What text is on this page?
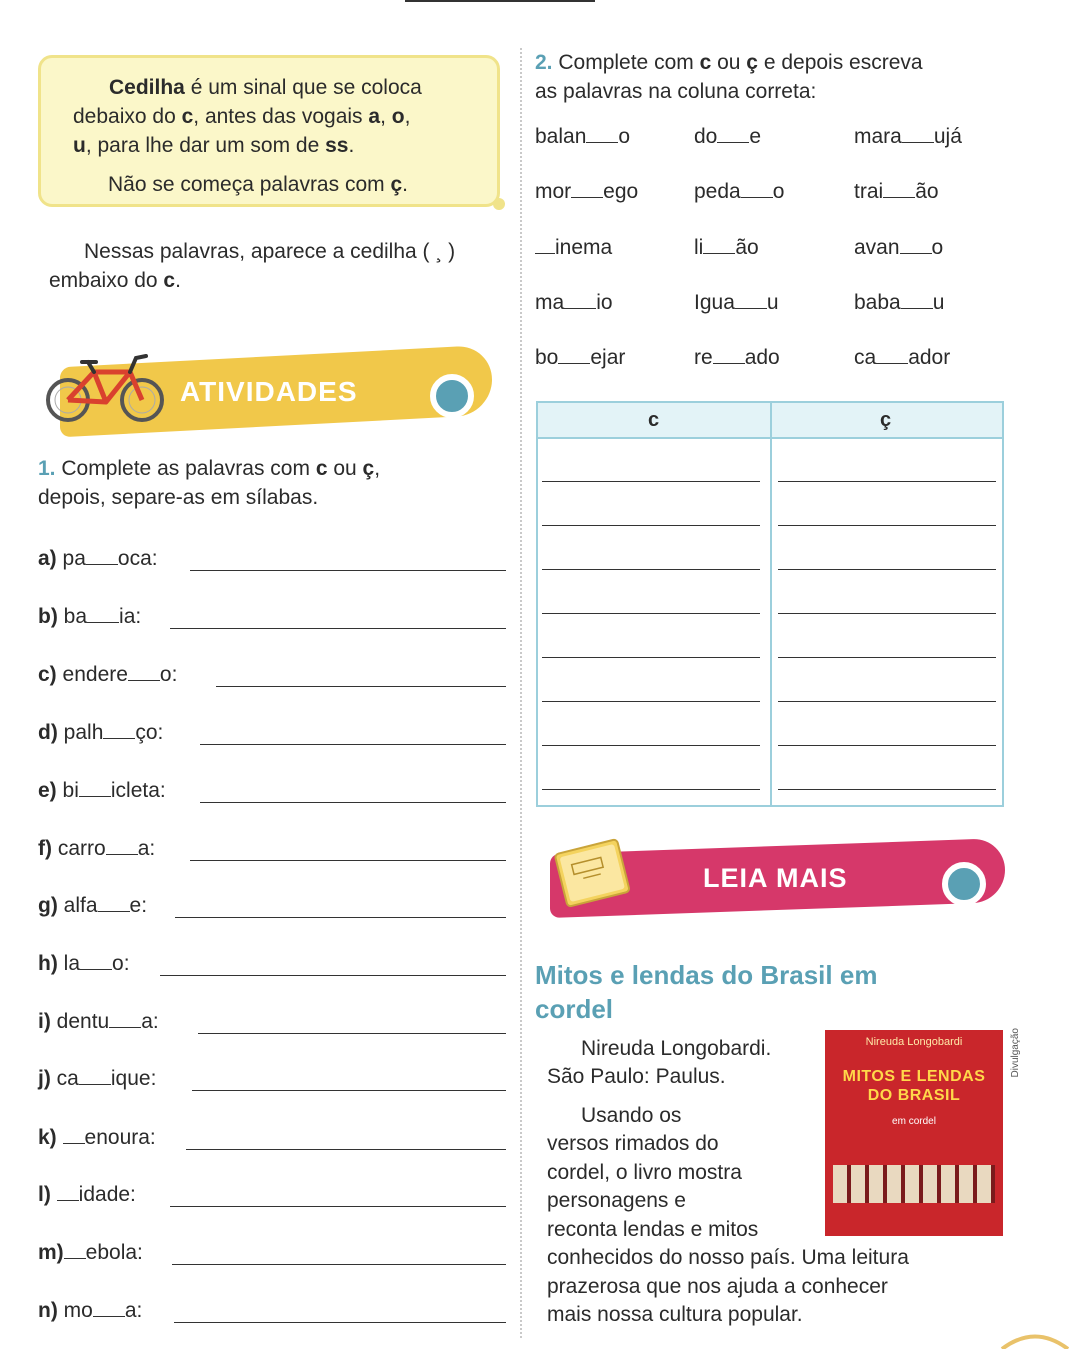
Cedilha é um sinal que se coloca
debaixo do c, antes das vogais a, o,
u, para lhe dar um som de ss.
Não se começa palavras com ç.
Nessas palavras, aparece a cedilha ( ¸ )
embaixo do c.
ATIVIDADES
1. Complete as palavras com c ou ç,
depois, separe-as em sílabas.
a) pa oca:
b) ba ia:
c) endere o:
d) palh ço:
e) bi icleta:
f) carro a:
g) alfa e:
h) la o:
i) dentu a:
j) ca ique:
k) enoura:
l) idade:
m) ebola:
n) mo a:
2. Complete com c ou ç e depois escreva
as palavras na coluna correta:
balan o	do e	mara ujá
mor ego	peda o	trai ão
inema	li ão	avan o
ma io	Igua u	baba u
bo ejar	re ado	ca ador
c	ç
LEIA MAIS
Mitos e lendas do Brasil em
cordel
Nireuda Longobardi.
São Paulo: Paulus.
Usando os
versos rimados do
cordel, o livro mostra
personagens e
reconta lendas e mitos
conhecidos do nosso país. Uma leitura
prazerosa que nos ajuda a conhecer
mais nossa cultura popular.
Nireuda Longobardi
MITOS E LENDAS
DO BRASIL
em cordel
Divulgação
